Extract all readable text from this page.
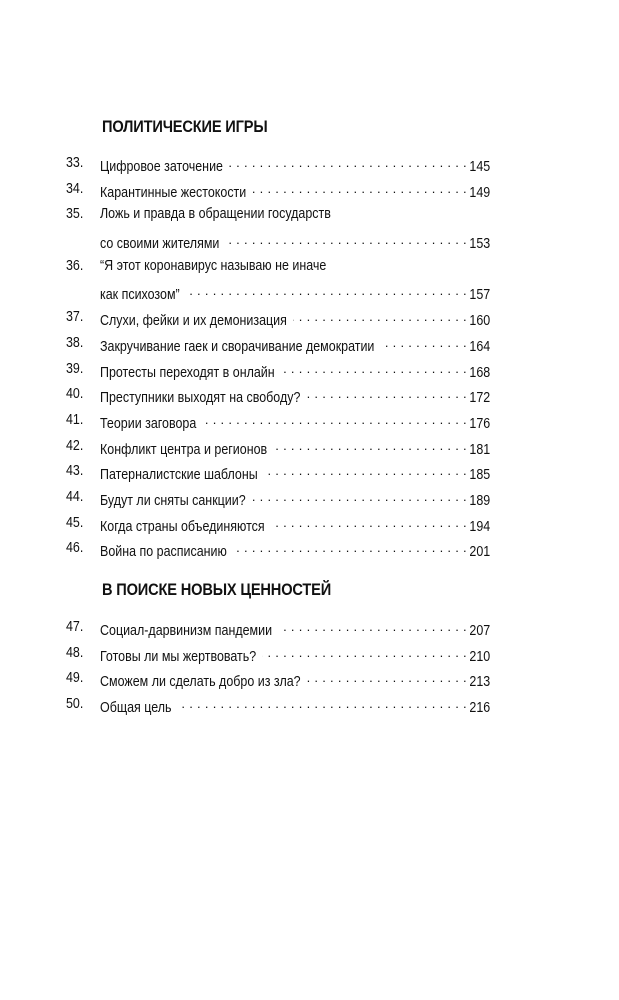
ПОЛИТИЧЕСКИЕ ИГРЫ
33.	Цифровое заточение . . .	145
34.	Карантинные жестокости . . .	149
35.	Ложь и правда в обращении государств
со своими жителями . . .	153
36.	“Я этот коронавирус называю не иначе
как психозом” . . .	157
37.	Слухи, фейки и их демонизация . . .	160
38.	Закручивание гаек и сворачивание демократии . . .	164
39.	Протесты переходят в онлайн . . .	168
40.	Преступники выходят на свободу? . . .	172
41.	Теории заговора . . .	176
42.	Конфликт центра и регионов . . .	181
43.	Патерналистские шаблоны . . .	185
44.	Будут ли сняты санкции? . . .	189
45.	Когда страны объединяются . . .	194
46.	Война по расписанию . . .	201
В ПОИСКЕ НОВЫХ ЦЕННОСТЕЙ
47.	Социал-дарвинизм пандемии . . .	207
48.	Готовы ли мы жертвовать? . . .	210
49.	Сможем ли сделать добро из зла? . . .	213
50.	Общая цель . . .	216
